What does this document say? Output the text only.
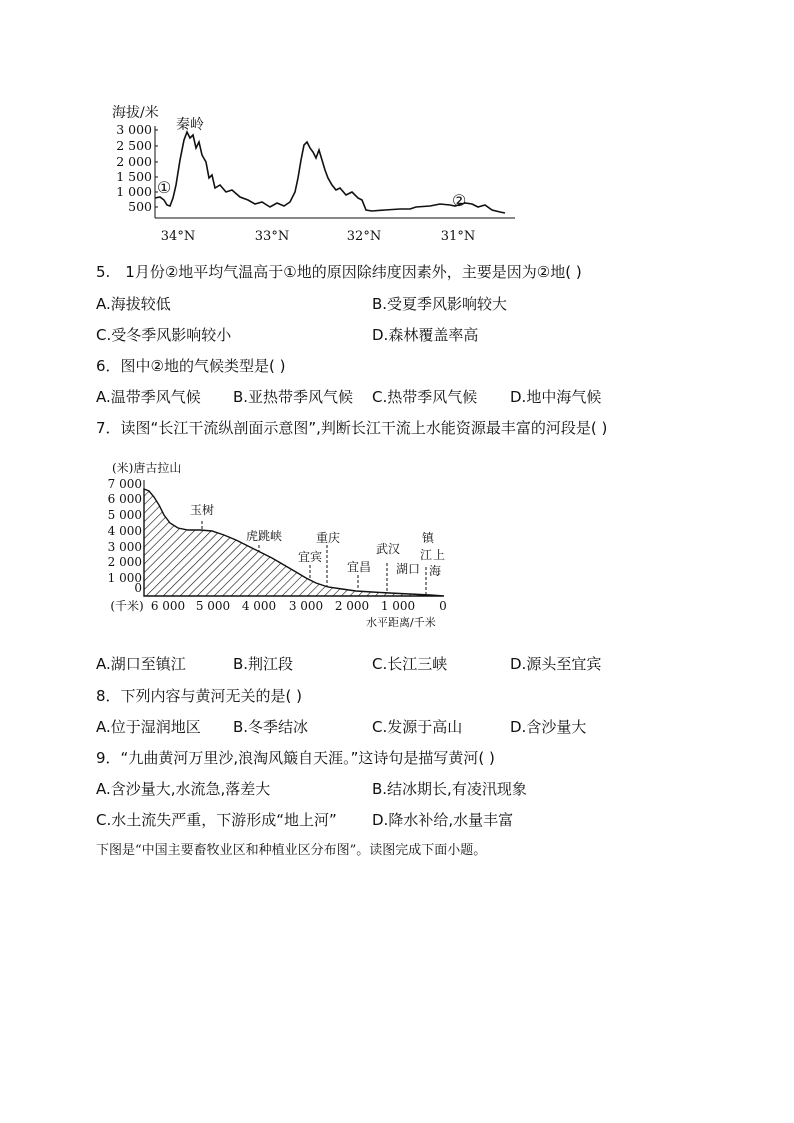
海拔/米
秦岭
3 000
2 500
2 000
1 500
1 000
500
34°N	33°N	32°N	31°N
①
②
5.　1月份②地平均气温高于①地的原因除纬度因素外，主要是因为②地( )
A.海拔较低	B.受夏季风影响较大
C.受冬季风影响较小	D.森林覆盖率高
6．图中②地的气候类型是( )
A.温带季风气候 B.亚热带季风气候 C.热带季风气候 D.地中海气候
7．读图“长江干流纵剖面示意图”,判断长江干流上水能资源最丰富的河段是( )
(米)唐古拉山
7 000
6 000
5 000
4 000
3 000
2 000
1 000
0
玉树
虎跳峡	重庆
宜宾
宜昌
武汉
湖口
镇
江 上
海
(千米) 6 000 5 000 4 000 3 000 2 000 1 000 0
水平距离/千米
A.湖口至镇江	B.荆江段	C.长江三峡	D.源头至宜宾
8．下列内容与黄河无关的是( )
A.位于湿润地区 B.冬季结冰	C.发源于高山	D.含沙量大
9．“九曲黄河万里沙,浪淘风簸自天涯。”这诗句是描写黄河( )
A.含沙量大,水流急,落差大	B.结冰期长,有凌汛现象
C.水土流失严重，下游形成“地上河” D.降水补给,水量丰富
下图是“中国主要畜牧业区和种植业区分布图”。读图完成下面小题。
